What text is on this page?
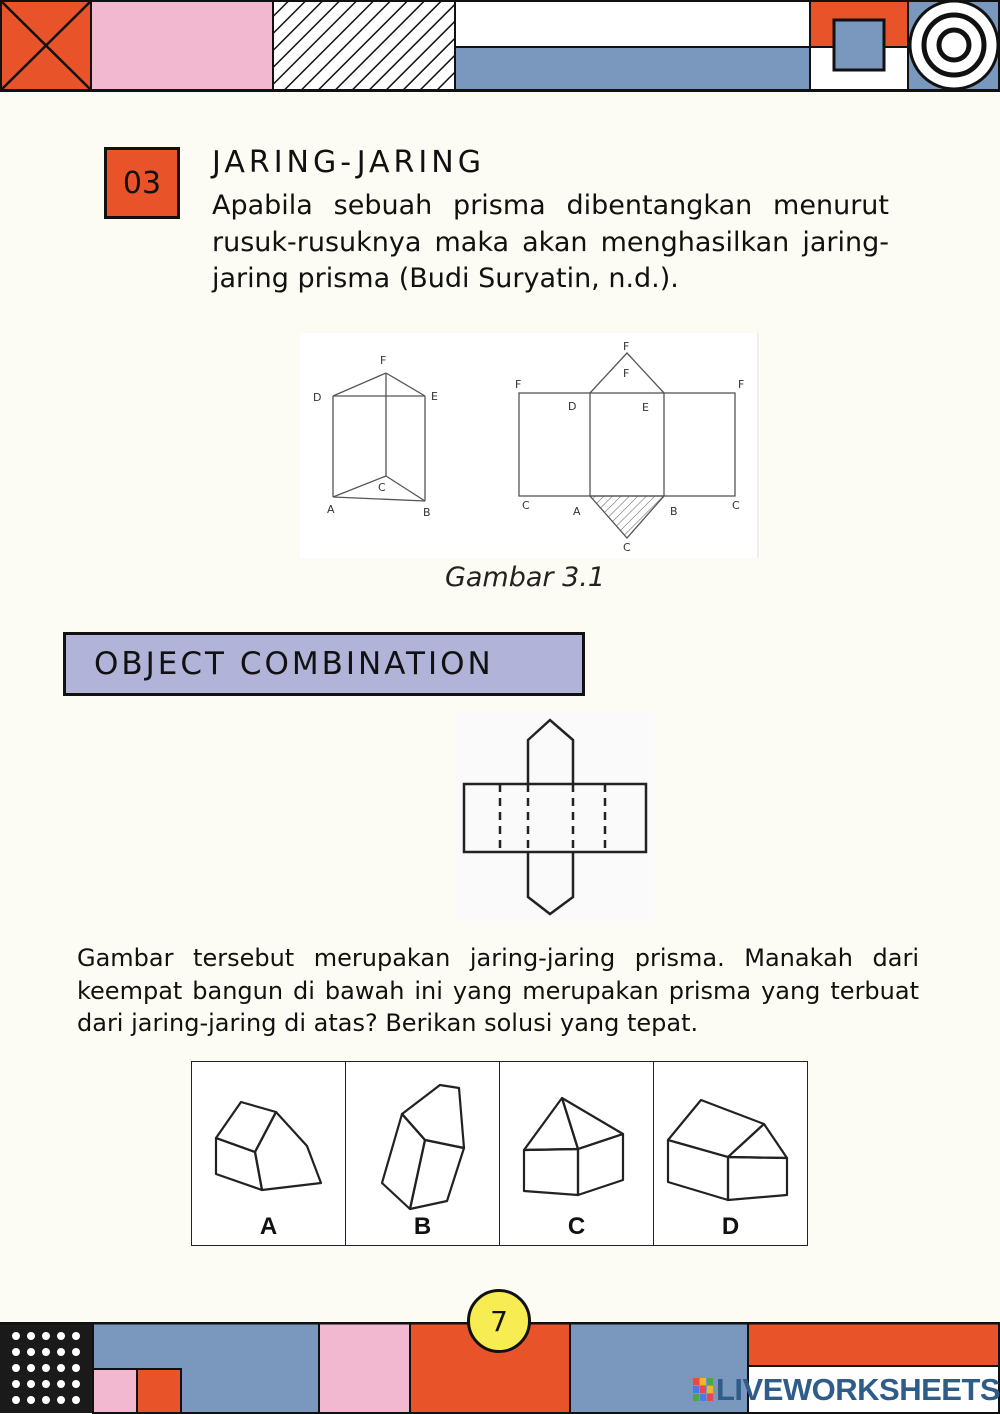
03
JARING-JARING
Apabila sebuah prisma dibentangkan menurut rusuk-rusuknya maka akan menghasilkan jaring-jaring prisma (Budi Suryatin, n.d.).
F
D	E
C
A	B
F
F
F	F
D	E
C	A	B	C
C
Gambar 3.1
OBJECT COMBINATION
Gambar tersebut merupakan jaring-jaring prisma. Manakah dari keempat bangun di bawah ini yang merupakan prisma yang terbuat dari jaring-jaring di atas? Berikan solusi yang tepat.
A	B	C	D
7
LIVEWORKSHEETS
